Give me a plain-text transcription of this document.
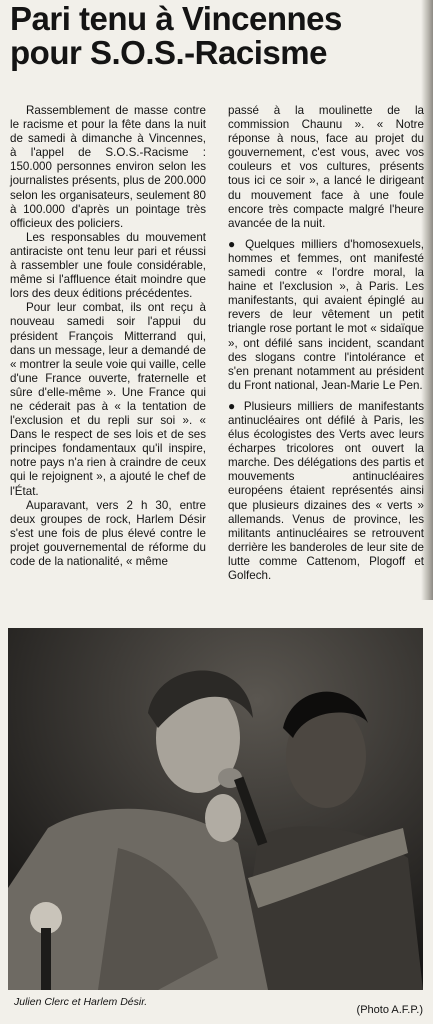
Pari tenu à Vincennes
pour S.O.S.-Racisme

Rassemblement de masse contre le racisme et pour la fête dans la nuit de samedi à dimanche à Vincennes, à l'appel de S.O.S.-Racisme : 150.000 personnes environ selon les journalistes présents, plus de 200.000 selon les organisateurs, seulement 80 à 100.000 d'après un pointage très officieux des policiers.

Les responsables du mouvement antiraciste ont tenu leur pari et réussi à rassembler une foule considérable, même si l'affluence était moindre que lors des deux éditions précédentes.

Pour leur combat, ils ont reçu à nouveau samedi soir l'appui du président François Mitterrand qui, dans un message, leur a demandé de « montrer la seule voie qui vaille, celle d'une France ouverte, fraternelle et sûre d'elle-même ». Une France qui ne céderait pas à « la tentation de l'exclusion et du repli sur soi ». « Dans le respect de ses lois et de ses principes fondamentaux qu'il inspire, notre pays n'a rien à craindre de ceux qui le rejoignent », a ajouté le chef de l'État.

Auparavant, vers 2 h 30, entre deux groupes de rock, Harlem Désir s'est une fois de plus élevé contre le projet gouvernemental de réforme du code de la nationalité, « même

passé à la moulinette de la commission Chaunu ». « Notre réponse à nous, face au projet du gouvernement, c'est vous, avec vos couleurs et vos cultures, présents tous ici ce soir », a lancé le dirigeant du mouvement face à une foule encore très compacte malgré l'heure avancée de la nuit.

● Quelques milliers d'homosexuels, hommes et femmes, ont manifesté samedi contre « l'ordre moral, la haine et l'exclusion », à Paris. Les manifestants, qui avaient épinglé au revers de leur vêtement un petit triangle rose portant le mot « sidaïque », ont défilé sans incident, scandant des slogans contre l'intolérance et s'en prenant notamment au président du Front national, Jean-Marie Le Pen.

● Plusieurs milliers de manifestants antinucléaires ont défilé à Paris, les élus écologistes des Verts avec leurs écharpes tricolores ont ouvert la marche. Des délégations des partis et mouvements antinucléaires européens étaient représentés ainsi que plusieurs dizaines des « verts » allemands. Venus de province, les militants antinucléaires se retrouvent derrière les banderoles de leur site de lutte comme Cattenom, Plogoff et Golfech.

Julien Clerc et Harlem Désir.
(Photo A.F.P.)
